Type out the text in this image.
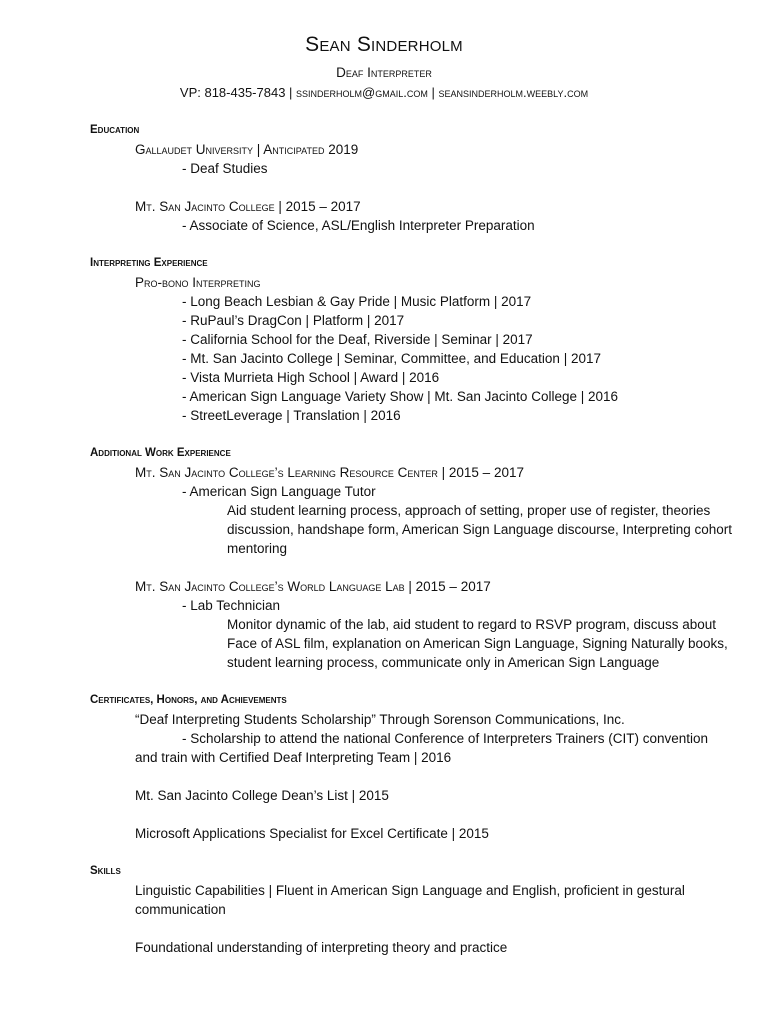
Sean Sinderholm
Deaf Interpreter
VP: 818-435-7843 | ssinderholm@gmail.com | seansinderholm.weebly.com
Education
Gallaudet University | Anticipated 2019
- Deaf Studies
Mt. San Jacinto College | 2015 – 2017
- Associate of Science, ASL/English Interpreter Preparation
Interpreting Experience
Pro-bono Interpreting
- Long Beach Lesbian & Gay Pride | Music Platform | 2017
- RuPaul’s DragCon | Platform | 2017
- California School for the Deaf, Riverside | Seminar | 2017
- Mt. San Jacinto College | Seminar, Committee, and Education | 2017
- Vista Murrieta High School | Award | 2016
- American Sign Language Variety Show | Mt. San Jacinto College | 2016
- StreetLeverage | Translation | 2016
Additional Work Experience
Mt. San Jacinto College’s Learning Resource Center | 2015 – 2017
- American Sign Language Tutor
Aid student learning process, approach of setting, proper use of register, theories
discussion, handshape form, American Sign Language discourse, Interpreting cohort
mentoring
Mt. San Jacinto College’s World Language Lab | 2015 – 2017
- Lab Technician
Monitor dynamic of the lab, aid student to regard to RSVP program, discuss about
Face of ASL film, explanation on American Sign Language, Signing Naturally books,
student learning process, communicate only in American Sign Language
Certificates, Honors, and Achievements
“Deaf Interpreting Students Scholarship” Through Sorenson Communications, Inc.
- Scholarship to attend the national Conference of Interpreters Trainers (CIT) convention
and train with Certified Deaf Interpreting Team | 2016
Mt. San Jacinto College Dean’s List | 2015
Microsoft Applications Specialist for Excel Certificate | 2015
Skills
Linguistic Capabilities | Fluent in American Sign Language and English, proficient in gestural
communication
Foundational understanding of interpreting theory and practice
